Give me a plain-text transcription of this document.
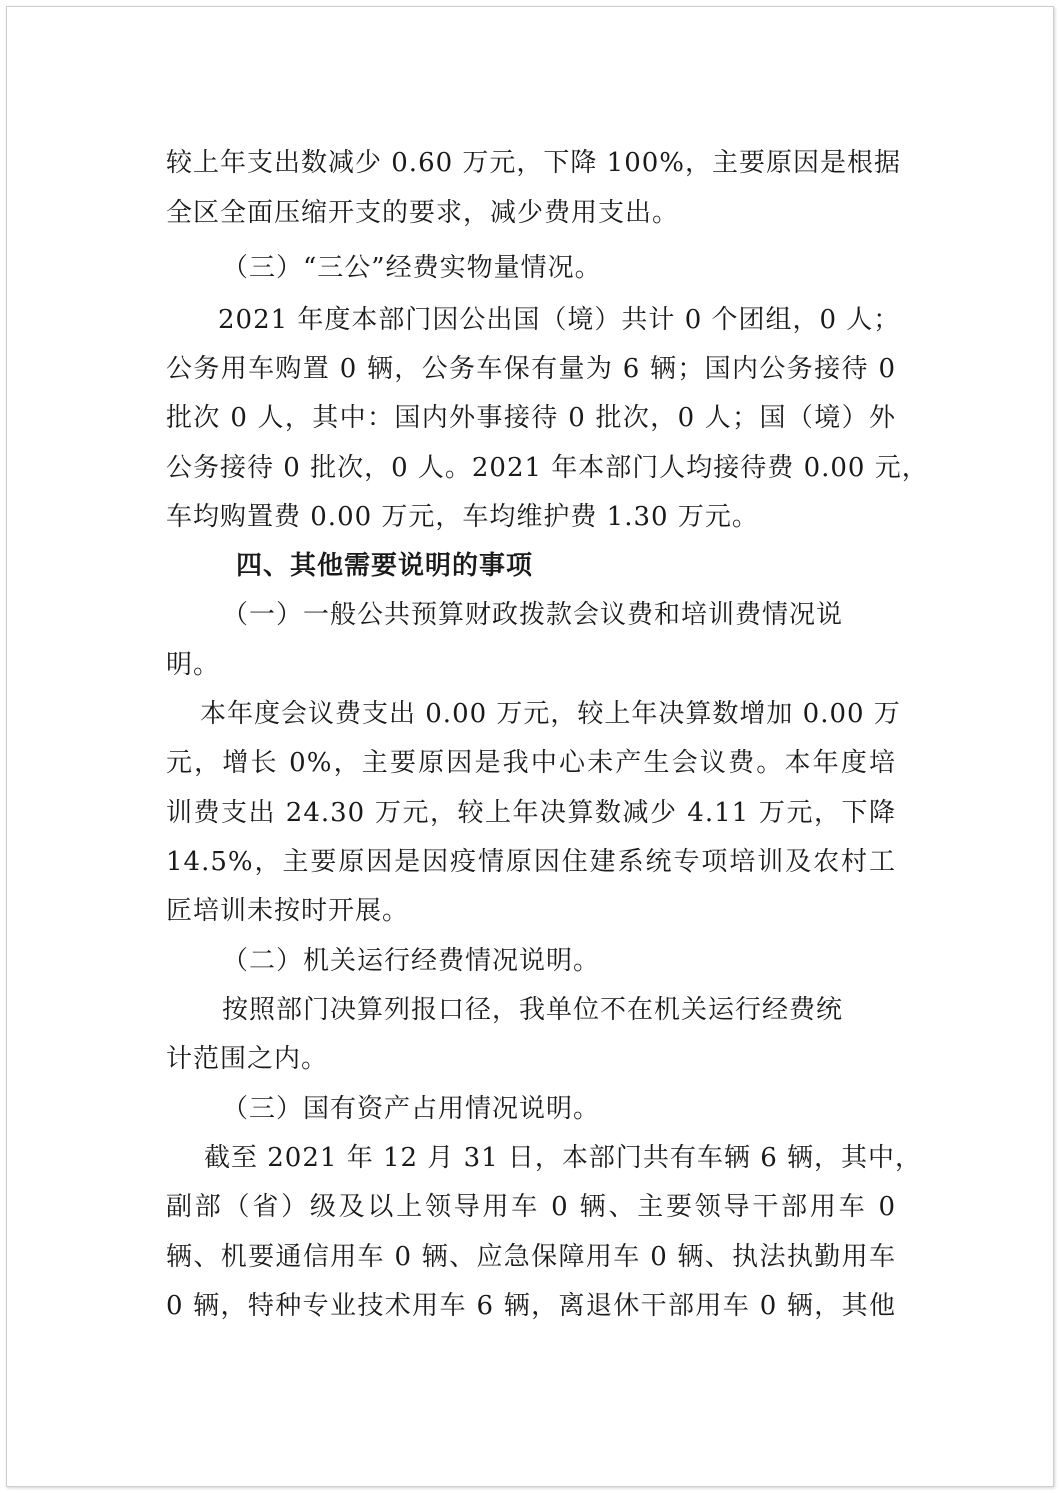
较上年支出数减少 0.60 万元，下降 100%，主要原因是根据
全区全面压缩开支的要求，减少费用支出。
（三）“三公”经费实物量情况。
2021 年度本部门因公出国（境）共计 0 个团组，0 人；
公务用车购置 0 辆，公务车保有量为 6 辆；国内公务接待 0
批次 0 人，其中：国内外事接待 0 批次，0 人；国（境）外
公务接待 0 批次，0 人。2021 年本部门人均接待费 0.00 元，
车均购置费 0.00 万元，车均维护费 1.30 万元。
四、其他需要说明的事项
（一）一般公共预算财政拨款会议费和培训费情况说
明。
本年度会议费支出 0.00 万元，较上年决算数增加 0.00 万
元，增长 0%，主要原因是我中心未产生会议费。本年度培
训费支出 24.30 万元，较上年决算数减少 4.11 万元，下降
14.5%，主要原因是因疫情原因住建系统专项培训及农村工
匠培训未按时开展。
（二）机关运行经费情况说明。
按照部门决算列报口径，我单位不在机关运行经费统
计范围之内。
（三）国有资产占用情况说明。
截至 2021 年 12 月 31 日，本部门共有车辆 6 辆，其中，
副部（省）级及以上领导用车 0 辆、主要领导干部用车 0
辆、机要通信用车 0 辆、应急保障用车 0 辆、执法执勤用车
0 辆，特种专业技术用车 6 辆，离退休干部用车 0 辆，其他
